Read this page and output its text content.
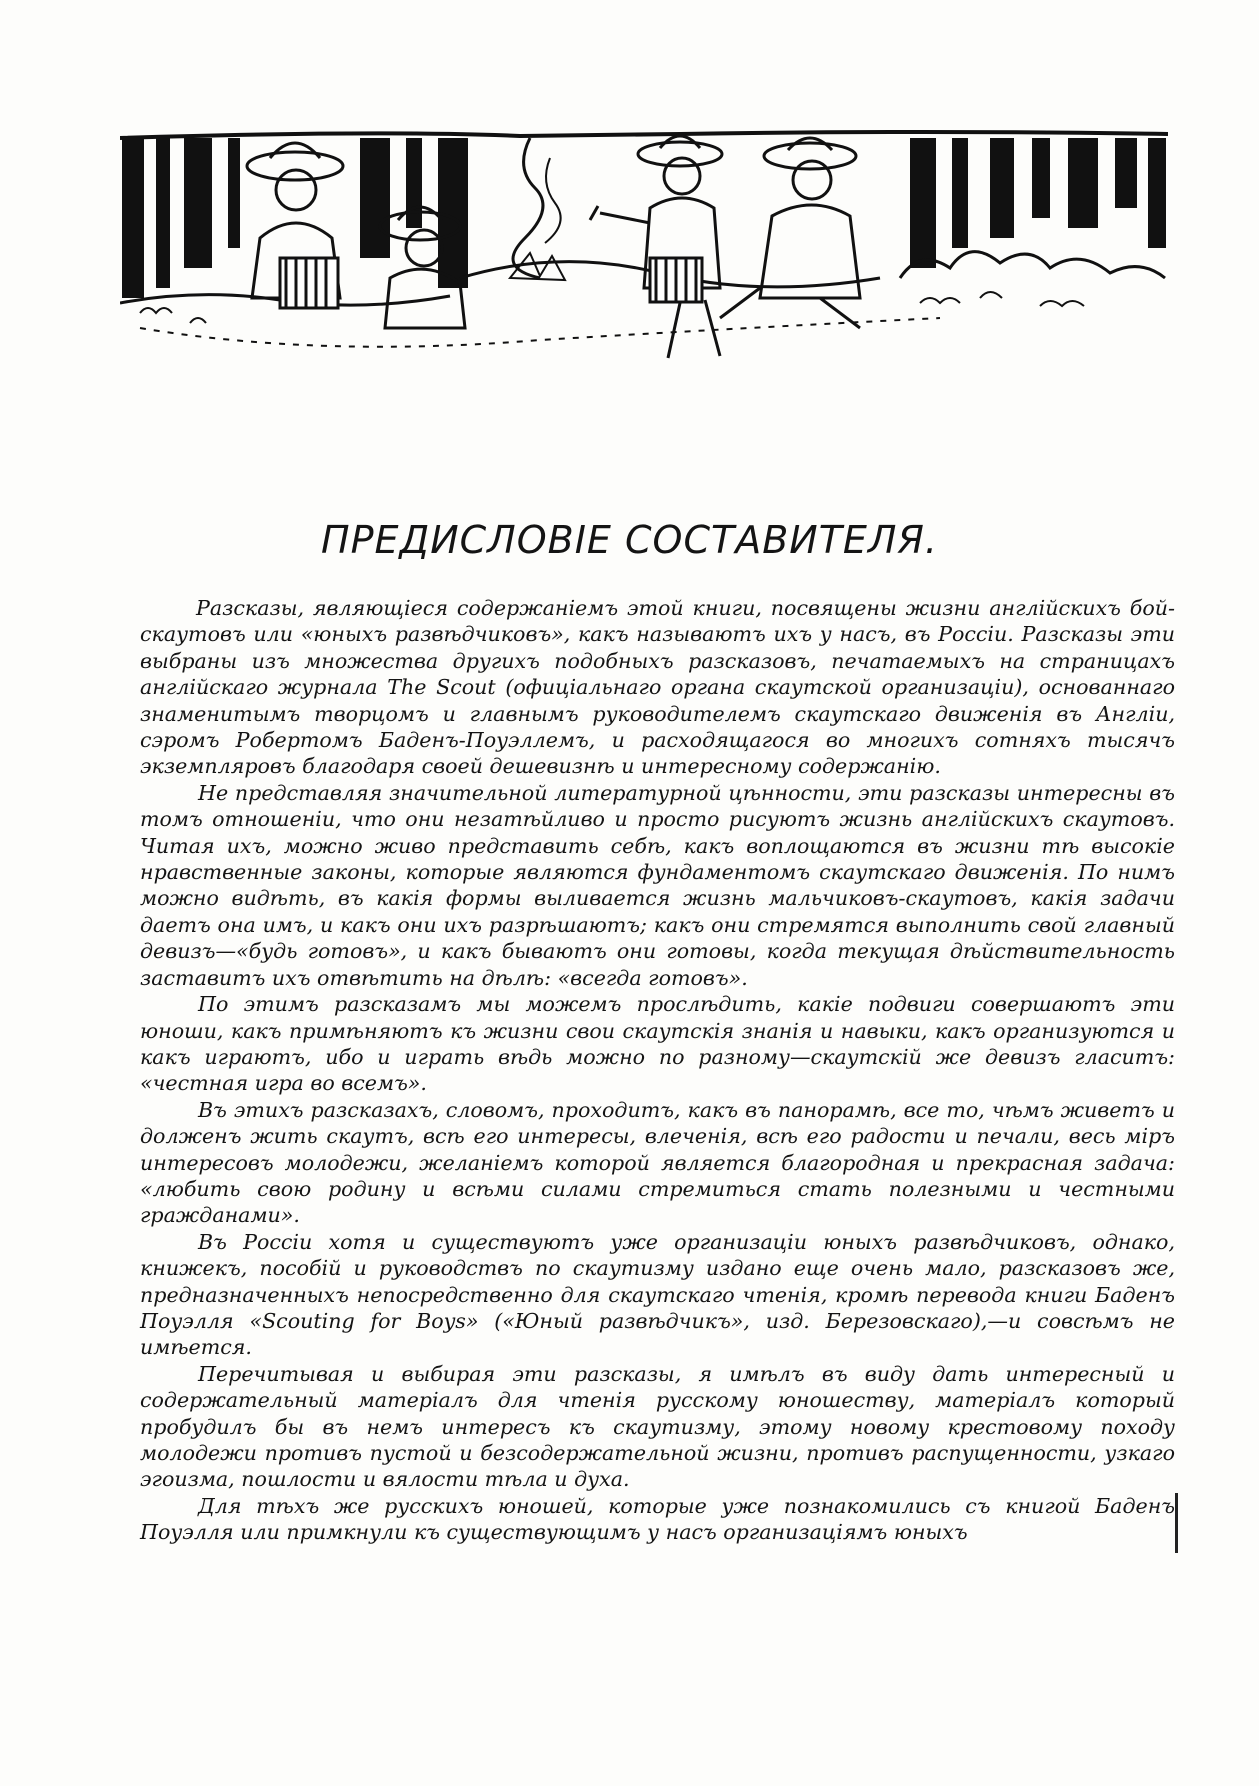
ПРЕДИСЛОВІЕ СОСТАВИТЕЛЯ.

Разсказы, являющіеся содержаніемъ этой книги, посвящены жизни англійскихъ бой-скаутовъ или «юныхъ развѣдчиковъ», какъ называютъ ихъ у насъ, въ Россіи. Разсказы эти выбраны изъ множества другихъ подобныхъ разсказовъ, печатаемыхъ на страницахъ англійскаго журнала The Scout (офиціальнаго органа скаутской организаціи), основаннаго знаменитымъ творцомъ и главнымъ руководителемъ скаутскаго движенія въ Англіи, сэромъ Робертомъ Баденъ-Поуэллемъ, и расходящагося во многихъ сотняхъ тысячъ экземпляровъ благодаря своей дешевизнѣ и интересному содержанію.

Не представляя значительной литературной цѣнности, эти разсказы интересны въ томъ отношеніи, что они незатѣйливо и просто рисуютъ жизнь англійскихъ скаутовъ. Читая ихъ, можно живо представить себѣ, какъ воплощаются въ жизни тѣ высокіе нравственные законы, которые являются фундаментомъ скаутскаго движенія. По нимъ можно видѣть, въ какія формы выливается жизнь мальчиковъ-скаутовъ, какія задачи даетъ она имъ, и какъ они ихъ разрѣшаютъ; какъ они стремятся выполнить свой главный девизъ—«будь готовъ», и какъ бываютъ они готовы, когда текущая дѣйствительность заставитъ ихъ отвѣтить на дѣлѣ: «всегда готовъ».

По этимъ разсказамъ мы можемъ прослѣдить, какіе подвиги совершаютъ эти юноши, какъ примѣняютъ къ жизни свои скаутскія знанія и навыки, какъ организуются и какъ играютъ, ибо и играть вѣдь можно по разному—скаутскій же девизъ гласитъ: «честная игра во всемъ».

Въ этихъ разсказахъ, словомъ, проходитъ, какъ въ панорамѣ, все то, чѣмъ живетъ и долженъ жить скаутъ, всѣ его интересы, влеченія, всѣ его радости и печали, весь міръ интересовъ молодежи, желаніемъ которой является благородная и прекрасная задача: «любить свою родину и всѣми силами стремиться стать полезными и честными гражданами».

Въ Россіи хотя и существуютъ уже организаціи юныхъ развѣдчиковъ, однако, книжекъ, пособій и руководствъ по скаутизму издано еще очень мало, разсказовъ же, предназначенныхъ непосредственно для скаутскаго чтенія, кромѣ перевода книги Баденъ Поуэлля «Scouting for Boys» («Юный развѣдчикъ», изд. Березовскаго),—и совсѣмъ не имѣется.

Перечитывая и выбирая эти разсказы, я имѣлъ въ виду дать интересный и содержательный матеріалъ для чтенія русскому юношеству, матеріалъ который пробудилъ бы въ немъ интересъ къ скаутизму, этому новому крестовому походу молодежи противъ пустой и безсодержательной жизни, противъ распущенности, узкаго эгоизма, пошлости и вялости тѣла и духа.

Для тѣхъ же русскихъ юношей, которые уже познакомились съ книгой Баденъ Поуэлля или примкнули къ существующимъ у насъ организаціямъ юныхъ
